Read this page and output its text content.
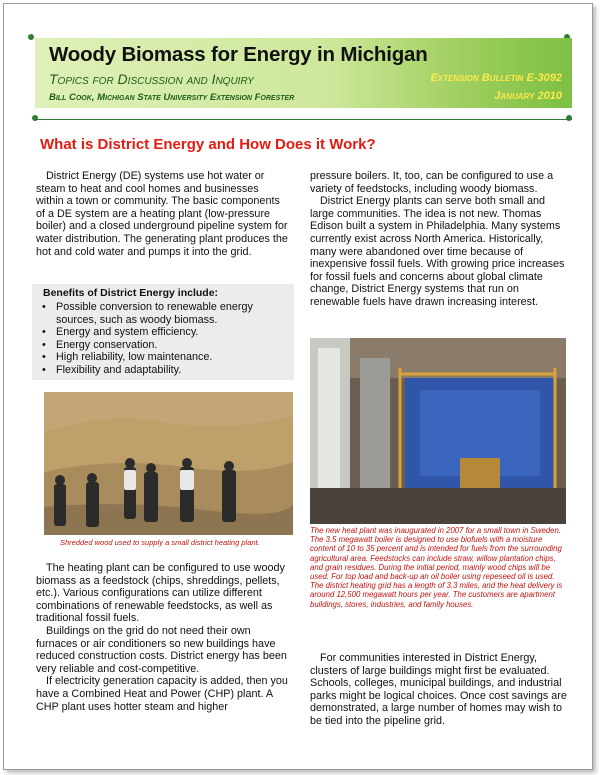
Woody Biomass for Energy in Michigan
Topics for Discussion and Inquiry
Bill Cook, Michigan State University Extension Forester
Extension Bulletin E-3092
January 2010
What is District Energy and How Does it Work?

District Energy (DE) systems use hot water or steam to heat and cool homes and businesses within a town or community. The basic components of a DE system are a heating plant (low-pressure boiler) and a closed underground pipeline system for water distribution. The generating plant produces the hot and cold water and pumps it into the grid.

Benefits of District Energy include:
• Possible conversion to renewable energy sources, such as woody biomass.
• Energy and system efficiency.
• Energy conservation.
• High reliability, low maintenance.
• Flexibility and adaptability.
Shredded wood used to supply a small district heating plant.

The heating plant can be configured to use woody biomass as a feedstock (chips, shreddings, pellets, etc.). Various configurations can utilize different combinations of renewable feedstocks, as well as traditional fossil fuels.

Buildings on the grid do not need their own furnaces or air conditioners so new buildings have reduced construction costs. District energy has been very reliable and cost-competitive.

If electricity generation capacity is added, then you have a Combined Heat and Power (CHP) plant. A CHP plant uses hotter steam and higher

pressure boilers. It, too, can be configured to use a variety of feedstocks, including woody biomass.

District Energy plants can serve both small and large communities. The idea is not new. Thomas Edison built a system in Philadelphia. Many systems currently exist across North America. Historically, many were abandoned over time because of inexpensive fossil fuels. With growing price increases for fossil fuels and concerns about global climate change, District Energy systems that run on renewable fuels have drawn increasing interest.

The new heat plant was inaugurated in 2007 for a small town in Sweden. The 3.5 megawatt boiler is designed to use biofuels with a moisture content of 10 to 35 percent and is intended for fuels from the surrounding agricultural area. Feedstocks can include straw, willow plantation chips, and grain residues. During the initial period, mainly wood chips will be used. For top load and back-up an oil boiler using repeseed oil is used. The district heating grid has a length of 3.3 miles, and the heat delivery is around 12,500 megawatt hours per year. The customers are apartment buildings, stores, industries, and family houses.

For communities interested in District Energy, clusters of large buildings might first be evaluated. Schools, colleges, municipal buildings, and industrial parks might be logical choices. Once cost savings are demonstrated, a large number of homes may wish to be tied into the pipeline grid.
